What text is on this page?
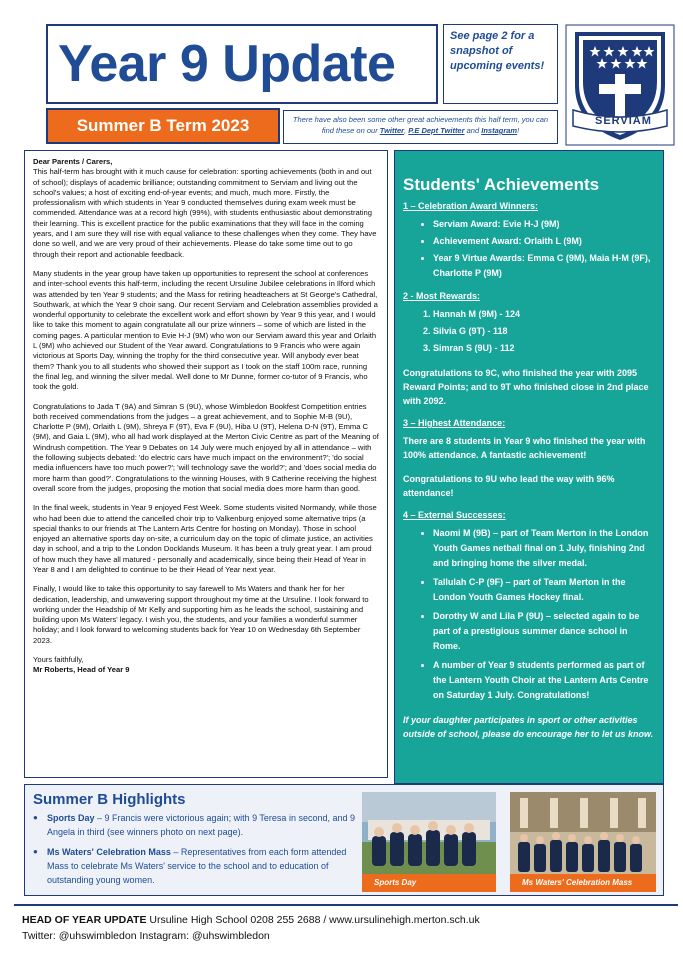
Year 9 Update
Summer B Term 2023

See page 2 for a snapshot of upcoming events!

There have also been some other great achievements this half term, you can find these on our Twitter, P.E Dept Twitter and Instagram!

SERVIAM

Dear Parents / Carers,

This half-term has brought with it much cause for celebration: sporting achievements (both in and out of school); displays of academic brilliance; outstanding commitment to Serviam and living out the school's values; a host of exciting end-of-year events; and much, much more. Firstly, the professionalism with which students in Year 9 conducted themselves during exam week must be commended. Attendance was at a record high (99%), with students enthusiastic about demonstrating their learning. This is excellent practice for the public examinations that they will face in the coming years, and I am sure they will rise with equal valiance to these challenges when they come. They have done so well, and we are very proud of their achievements. Please do take some time out to go through their report and actionable feedback.

Many students in the year group have taken up opportunities to represent the school at conferences and inter-school events this half-term, including the recent Ursuline Jubilee celebrations in Ilford which was attended by ten Year 9 students; and the Mass for retiring headteachers at St George's Cathedral, Southwark, at which the Year 9 choir sang. Our recent Serviam and Celebration assemblies provided a wonderful opportunity to celebrate the excellent work and effort shown by Year 9 this year, and I would like to take this moment to again congratulate all our prize winners – some of which are listed in the coming pages. A particular mention to Evie H-J (9M) who won our Serviam award this year and Orlaith L (9M) who achieved our Student of the Year award. Congratulations to 9 Francis who were again victorious at Sports Day, winning the trophy for the third consecutive year. Will anybody ever beat them? Thank you to all students who showed their support as I took on the staff 100m race, running the final leg, and winning the silver medal. Well done to Mr Dunne, former co-tutor of 9 Francis, who took the gold.

Congratulations to Jada T (9A) and Simran S (9U), whose Wimbledon Bookfest Competition entries both received commendations from the judges – a great achievement, and to Sophie M-B (9U), Charlotte P (9M), Orlaith L (9M), Shreya F (9T), Eva F (9U), Hiba U (9T), Helena D-N (9T), Emma C (9M), and Gaia L (9M), who all had work displayed at the Merton Civic Centre as part of the Meaning of Windrush competition. The Year 9 Debates on 14 July were much enjoyed by all in attendance – with the following subjects debated: 'do electric cars have much impact on the environment?'; 'do social media influencers have too much power?'; 'will technology save the world?'; and 'does social media do more harm than good?'. Congratulations to the winning Houses, with 9 Catherine receiving the highest overall score from the judges, proposing the motion that social media does more harm than good.

In the final week, students in Year 9 enjoyed Fest Week. Some students visited Normandy, while those who had been due to attend the cancelled choir trip to Valkenburg enjoyed some alternative trips (a special thanks to our friends at The Lantern Arts Centre for hosting on Monday). Those in school enjoyed an alternative sports day on-site, a curriculum day on the topic of climate justice, an activities day in school, and a trip to the London Docklands Museum. It has been a truly great year. I am proud of how much they have all matured - personally and academically, since being their Head of Year in Year 8 and I am delighted to continue to be their Head of Year next year.

Finally, I would like to take this opportunity to say farewell to Ms Waters and thank her for her dedication, leadership, and unwavering support throughout my time at the Ursuline. I look forward to working under the Headship of Mr Kelly and supporting him as he leads the school, sustaining and building upon Ms Waters' legacy. I wish you, the students, and your families a wonderful summer holiday; and I look forward to welcoming students back for Year 10 on Wednesday 6th September 2023.

Yours faithfully,

Mr Roberts, Head of Year 9

Students' Achievements
1 – Celebration Award Winners:
• Serviam Award: Evie H-J (9M)
• Achievement Award: Orlaith L (9M)
• Year 9 Virtue Awards: Emma C (9M), Maia H-M (9F), Charlotte P (9M)
2 - Most Rewards:
1. Hannah M (9M) - 124
2. Silvia G (9T) - 118
3. Simran S (9U) - 112

Congratulations to 9C, who finished the year with 2095 Reward Points; and to 9T who finished close in 2nd place with 2092.

3 – Highest Attendance:

There are 8 students in Year 9 who finished the year with 100% attendance. A fantastic achievement!

Congratulations to 9U who lead the way with 96% attendance!

4 – External Successes:
• Naomi M (9B) – part of Team Merton in the London Youth Games netball final on 1 July, finishing 2nd and bringing home the silver medal.
• Tallulah C-P (9F) – part of Team Merton in the London Youth Games Hockey final.
• Dorothy W and Lila P (9U) – selected again to be part of a prestigious summer dance school in Rome.
• A number of Year 9 students performed as part of the Lantern Youth Choir at the Lantern Arts Centre on Saturday 1 July. Congratulations!

If your daughter participates in sport or other activities outside of school, please do encourage her to let us know.

Summer B Highlights
● Sports Day – 9 Francis were victorious again; with 9 Teresa in second, and 9 Angela in third (see winners photo on next page).
● Ms Waters' Celebration Mass – Representatives from each form attended Mass to celebrate Ms Waters' service to the school and to education of outstanding young women.	Sports Day	Ms Waters' Celebration Mass

HEAD OF YEAR UPDATE Ursuline High School 0208 255 2688 / www.ursulinehigh.merton.sch.uk

Twitter: @uhswimbledon Instagram: @uhswimbledon
